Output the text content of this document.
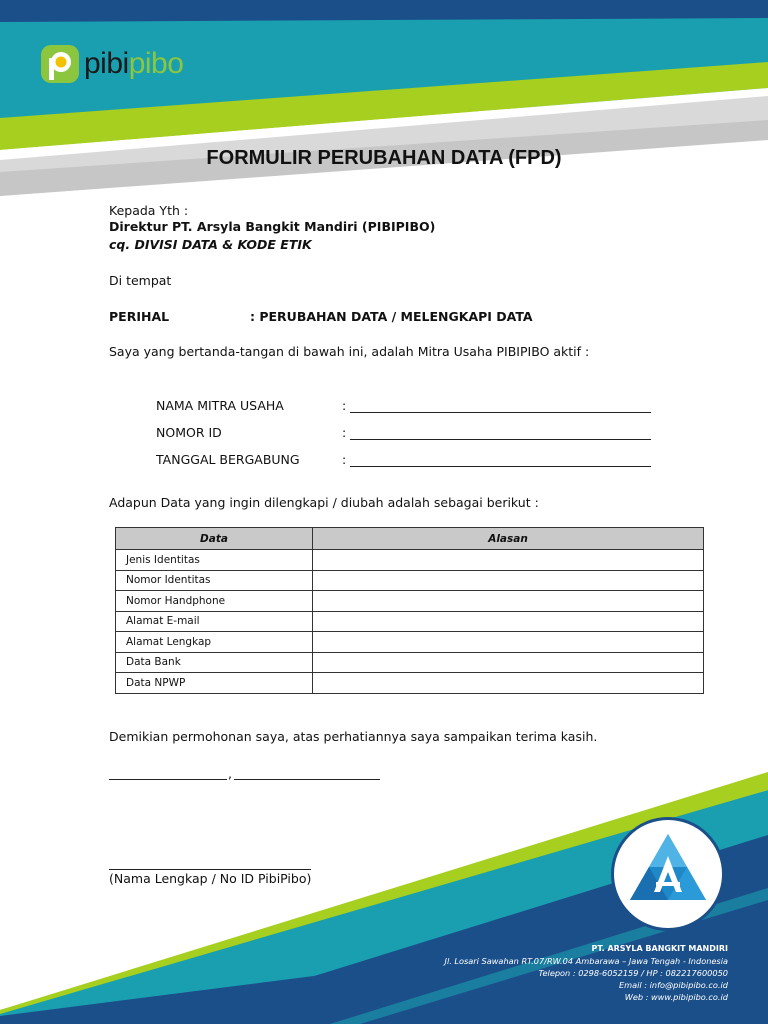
pibipibo
FORMULIR PERUBAHAN DATA (FPD)
Kepada Yth :
Direktur PT. Arsyla Bangkit Mandiri (PIBIPIBO)
cq. DIVISI DATA & KODE ETIK
Di tempat
PERIHAL	: PERUBAHAN DATA / MELENGKAPI DATA
Saya yang bertanda-tangan di bawah ini, adalah Mitra Usaha PIBIPIBO aktif :
NAMA MITRA USAHA	:
NOMOR ID	:
TANGGAL BERGABUNG	:
Adapun Data yang ingin dilengkapi / diubah adalah sebagai berikut :
Data	Alasan
Jenis Identitas	
Nomor Identitas	
Nomor Handphone	
Alamat E-mail	
Alamat Lengkap	
Data Bank	
Data NPWP	
Demikian permohonan saya, atas perhatiannya saya sampaikan terima kasih.
,
(Nama Lengkap / No ID PibiPibo)
PT. ARSYLA BANGKIT MANDIRI
Jl. Losari Sawahan RT.07/RW.04 Ambarawa – Jawa Tengah - Indonesia
Telepon : 0298-6052159 / HP : 082217600050
Email : info@pibipibo.co.id
Web : www.pibipibo.co.id
